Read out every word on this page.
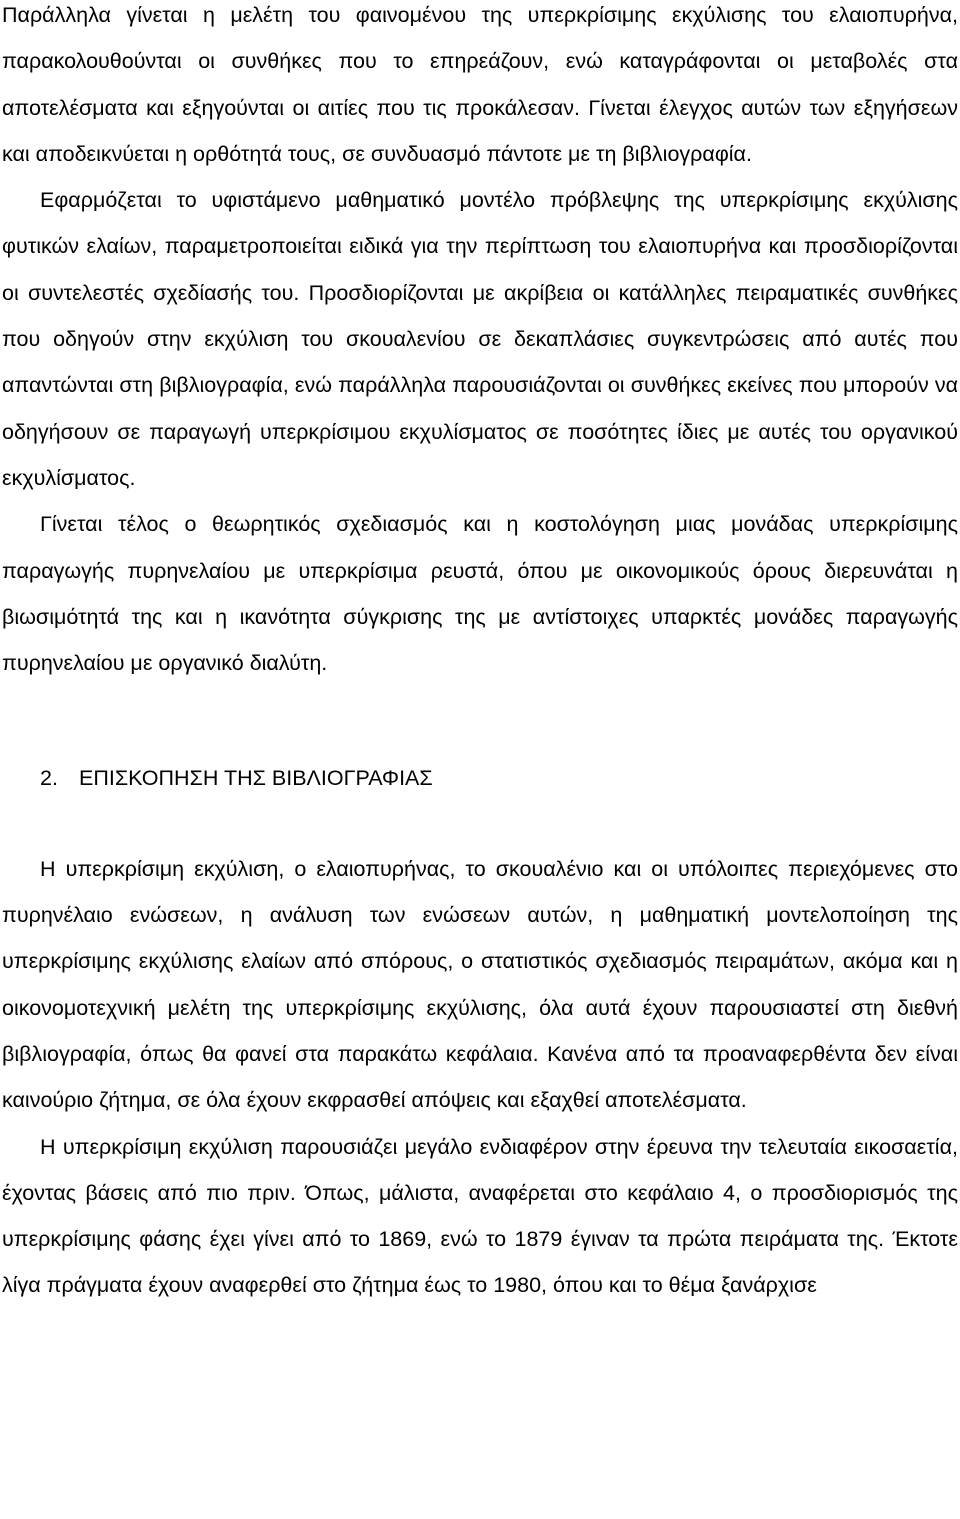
Παράλληλα γίνεται η μελέτη του φαινομένου της υπερκρίσιμης εκχύλισης του ελαιοπυρήνα, παρακολουθούνται οι συνθήκες που το επηρεάζουν, ενώ καταγράφονται οι μεταβολές στα αποτελέσματα και εξηγούνται οι αιτίες που τις προκάλεσαν. Γίνεται έλεγχος αυτών των εξηγήσεων και αποδεικνύεται η ορθότητά τους, σε συνδυασμό πάντοτε με τη βιβλιογραφία.

Εφαρμόζεται το υφιστάμενο μαθηματικό μοντέλο πρόβλεψης της υπερκρίσιμης εκχύλισης φυτικών ελαίων, παραμετροποιείται ειδικά για την περίπτωση του ελαιοπυρήνα και προσδιορίζονται οι συντελεστές σχεδίασής του. Προσδιορίζονται με ακρίβεια οι κατάλληλες πειραματικές συνθήκες που οδηγούν στην εκχύλιση του σκουαλενίου σε δεκαπλάσιες συγκεντρώσεις από αυτές που απαντώνται στη βιβλιογραφία, ενώ παράλληλα παρουσιάζονται οι συνθήκες εκείνες που μπορούν να οδηγήσουν σε παραγωγή υπερκρίσιμου εκχυλίσματος σε ποσότητες ίδιες με αυτές του οργανικού εκχυλίσματος.

Γίνεται τέλος ο θεωρητικός σχεδιασμός και η κοστολόγηση μιας μονάδας υπερκρίσιμης παραγωγής πυρηνελαίου με υπερκρίσιμα ρευστά, όπου με οικονομικούς όρους διερευνάται η βιωσιμότητά της και η ικανότητα σύγκρισης της με αντίστοιχες υπαρκτές μονάδες παραγωγής πυρηνελαίου με οργανικό διαλύτη.

2. ΕΠΙΣΚΟΠΗΣΗ ΤΗΣ ΒΙΒΛΙΟΓΡΑΦΙΑΣ

Η υπερκρίσιμη εκχύλιση, ο ελαιοπυρήνας, το σκουαλένιο και οι υπόλοιπες περιεχόμενες στο πυρηνέλαιο ενώσεων, η ανάλυση των ενώσεων αυτών, η μαθηματική μοντελοποίηση της υπερκρίσιμης εκχύλισης ελαίων από σπόρους, ο στατιστικός σχεδιασμός πειραμάτων, ακόμα και η οικονομοτεχνική μελέτη της υπερκρίσιμης εκχύλισης, όλα αυτά έχουν παρουσιαστεί στη διεθνή βιβλιογραφία, όπως θα φανεί στα παρακάτω κεφάλαια. Κανένα από τα προαναφερθέντα δεν είναι καινούριο ζήτημα, σε όλα έχουν εκφρασθεί απόψεις και εξαχθεί αποτελέσματα.

Η υπερκρίσιμη εκχύλιση παρουσιάζει μεγάλο ενδιαφέρον στην έρευνα την τελευταία εικοσαετία, έχοντας βάσεις από πιο πριν. Όπως, μάλιστα, αναφέρεται στο κεφάλαιο 4, ο προσδιορισμός της υπερκρίσιμης φάσης έχει γίνει από το 1869, ενώ το 1879 έγιναν τα πρώτα πειράματα της. Έκτοτε λίγα πράγματα έχουν αναφερθεί στο ζήτημα έως το 1980, όπου και το θέμα ξανάρχισε
